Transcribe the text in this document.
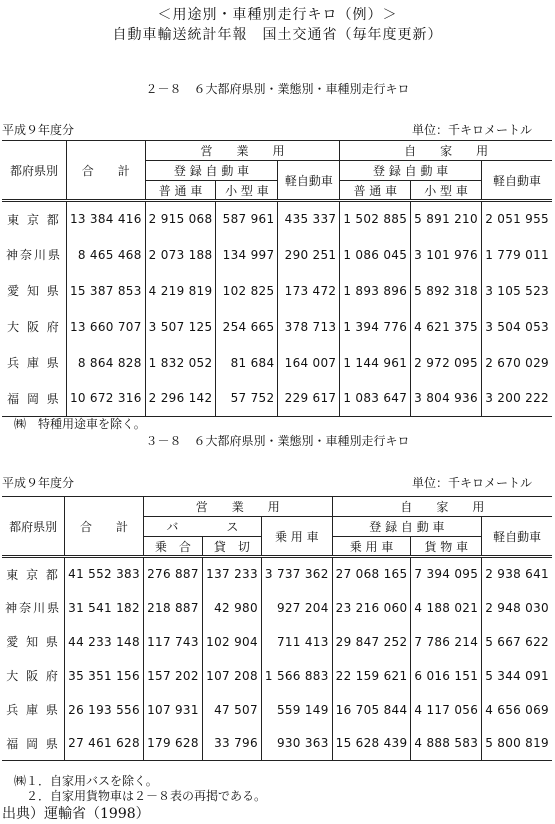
＜用途別・車種別走行キロ（例）＞
自動車輸送統計年報　国土交通省（毎年度更新）
２－８　６大都府県別・業態別・車種別走行キロ
平成９年度分	単位：千キロメートル
都府県別	合　　計	営　　業　　用			自　　家　　用		
		登 録 自 動 車		軽自動車	登 録 自 動 車		軽自動車
		普 通 車	小 型 車		普 通 車	小 型 車	
東 京 都	13 384 416	2 915 068	587 961	435 337	1 502 885	5 891 210	2 051 955
神奈川県	8 465 468	2 073 188	134 997	290 251	1 086 045	3 101 976	1 779 011
愛 知 県	15 387 853	4 219 819	102 825	173 472	1 893 896	5 892 318	3 105 523
大 阪 府	13 660 707	3 507 125	254 665	378 713	1 394 776	4 621 375	3 504 053
兵 庫 県	8 864 828	1 832 052	81 684	164 007	1 144 961	2 972 095	2 670 029
福 岡 県	10 672 316	2 296 142	57 752	229 617	1 083 647	3 804 936	3 200 222
㈱　特種用途車を除く。
３－８　６大都府県別・業態別・車種別走行キロ
平成９年度分	単位：千キロメートル
都府県別	合　　計	営　　業　　用			自　　家　　用		
		バ　　　　ス		乗 用 車	登 録 自 動 車		軽自動車
		乗　合	貸　切		乗 用 車	貨 物 車	
東 京 都	41 552 383	276 887	137 233	3 737 362	27 068 165	7 394 095	2 938 641
神奈川県	31 541 182	218 887	42 980	927 204	23 216 060	4 188 021	2 948 030
愛 知 県	44 233 148	117 743	102 904	711 413	29 847 252	7 786 214	5 667 622
大 阪 府	35 351 156	157 202	107 208	1 566 883	22 159 621	6 016 151	5 344 091
兵 庫 県	26 193 556	107 931	47 507	559 149	16 705 844	4 117 056	4 656 069
福 岡 県	27 461 628	179 628	33 796	930 363	15 628 439	4 888 583	5 800 819
㈱１．自家用バスを除く。
　２．自家用貨物車は２－８表の再掲である。
出典）運輸省（1998）
